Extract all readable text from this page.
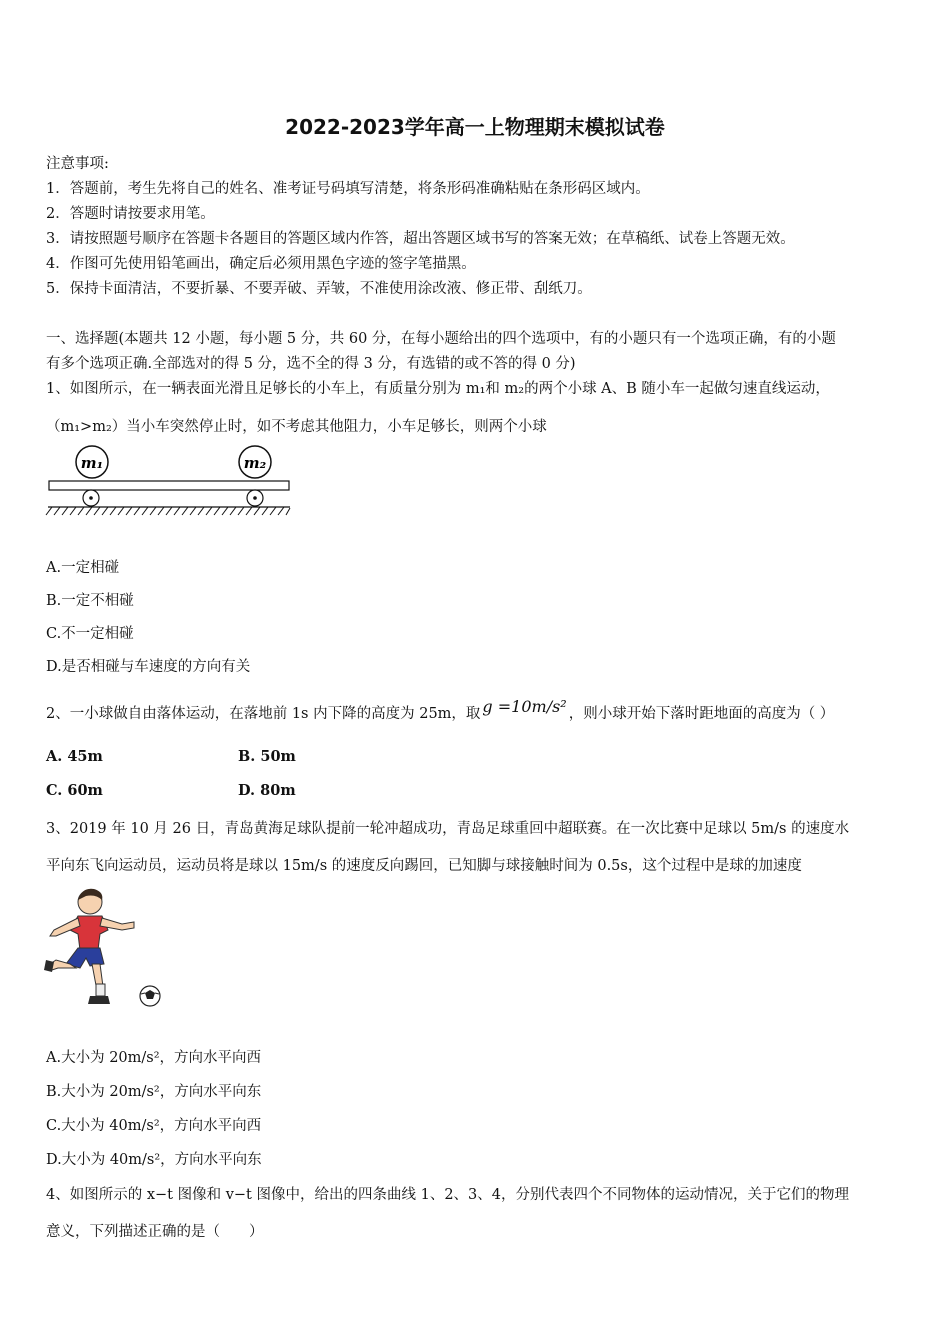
2022-2023学年高一上物理期末模拟试卷
注意事项:
1．答题前，考生先将自己的姓名、准考证号码填写清楚，将条形码准确粘贴在条形码区域内。
2．答题时请按要求用笔。
3．请按照题号顺序在答题卡各题目的答题区域内作答，超出答题区域书写的答案无效；在草稿纸、试卷上答题无效。
4．作图可先使用铅笔画出，确定后必须用黑色字迹的签字笔描黑。
5．保持卡面清洁，不要折暴、不要弄破、弄皱，不准使用涂改液、修正带、刮纸刀。
一、选择题(本题共 12 小题，每小题 5 分，共 60 分，在每小题给出的四个选项中，有的小题只有一个选项正确，有的小题
有多个选项正确.全部选对的得 5 分，选不全的得 3 分，有选错的或不答的得 0 分)
1、如图所示，在一辆表面光滑且足够长的小车上，有质量分别为 m₁和 m₂的两个小球 A、B 随小车一起做匀速直线运动，
（m₁>m₂）当小车突然停止时，如不考虑其他阻力，小车足够长，则两个小球
m₁	m₂
A.一定相碰
B.一定不相碰
C.不一定相碰
D.是否相碰与车速度的方向有关
2、一小球做自由落体运动，在落地前 1s 内下降的高度为 25m，取 g =10m/s² ，则小球开始下落时距地面的高度为（ ）
A. 45m	B. 50m
C. 60m	D. 80m
3、2019 年 10 月 26 日，青岛黄海足球队提前一轮冲超成功，青岛足球重回中超联赛。在一次比赛中足球以 5m/s 的速度水
平向东飞向运动员，运动员将是球以 15m/s 的速度反向踢回，已知脚与球接触时间为 0.5s，这个过程中是球的加速度
A.大小为 20m/s²，方向水平向西
B.大小为 20m/s²，方向水平向东
C.大小为 40m/s²，方向水平向西
D.大小为 40m/s²，方向水平向东
4、如图所示的 x−t 图像和 v−t 图像中，给出的四条曲线 1、2、3、4，分别代表四个不同物体的运动情况，关于它们的物理
意义，下列描述正确的是（　　）
